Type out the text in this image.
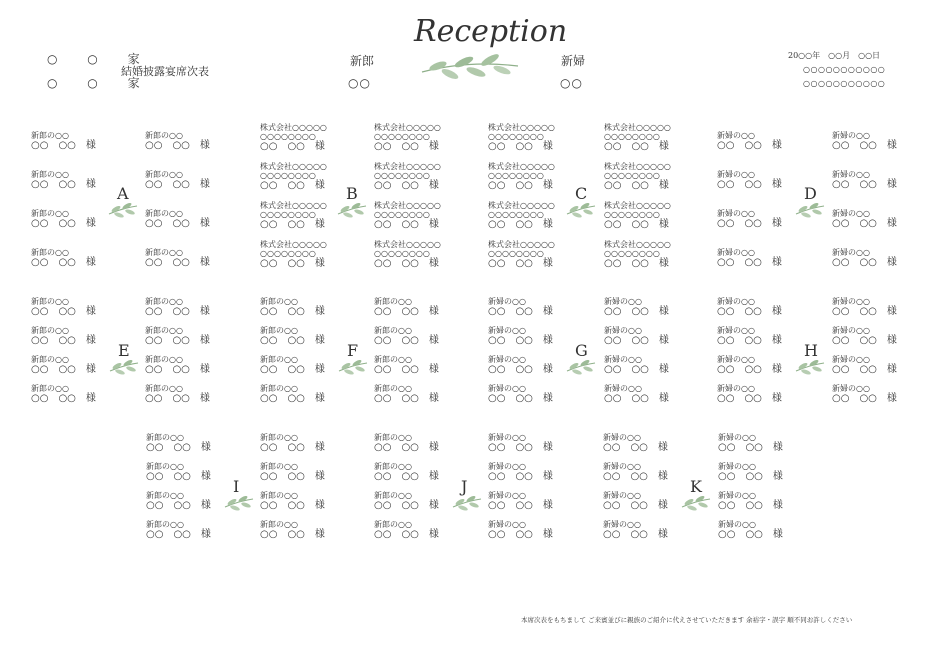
○ ○ 家
○ ○ 家
結婚披露宴席次表
新郎
○○
Reception
新婦
○○
20○○年　○○月　○○日
○○○○○○○○○○○
○○○○○○○○○○○
新郎の○○
○○　○○　様
新郎の○○
○○　○○　様
新郎の○○
○○　○○　様
新郎の○○
○○　○○　様
新郎の○○
○○　○○　様
新郎の○○
○○　○○　様
新郎の○○
○○　○○　様
新郎の○○
○○　○○　様
A
株式会社○○○○○
○○○○○○○○
○○　○○　様
株式会社○○○○○
○○○○○○○○
○○　○○　様
株式会社○○○○○
○○○○○○○○
○○　○○　様
株式会社○○○○○
○○○○○○○○
○○　○○　様
株式会社○○○○○
○○○○○○○○
○○　○○　様
株式会社○○○○○
○○○○○○○○
○○　○○　様
株式会社○○○○○
○○○○○○○○
○○　○○　様
株式会社○○○○○
○○○○○○○○
○○　○○　様
B
株式会社○○○○○
○○○○○○○○
○○　○○　様
株式会社○○○○○
○○○○○○○○
○○　○○　様
株式会社○○○○○
○○○○○○○○
○○　○○　様
株式会社○○○○○
○○○○○○○○
○○　○○　様
株式会社○○○○○
○○○○○○○○
○○　○○　様
株式会社○○○○○
○○○○○○○○
○○　○○　様
株式会社○○○○○
○○○○○○○○
○○　○○　様
株式会社○○○○○
○○○○○○○○
○○　○○　様
C
新婦の○○
○○　○○　様
新婦の○○
○○　○○　様
新婦の○○
○○　○○　様
新婦の○○
○○　○○　様
新婦の○○
○○　○○　様
新婦の○○
○○　○○　様
新婦の○○
○○　○○　様
新婦の○○
○○　○○　様
D
新郎の○○
○○　○○　様
新郎の○○
○○　○○　様
新郎の○○
○○　○○　様
新郎の○○
○○　○○　様
新郎の○○
○○　○○　様
新郎の○○
○○　○○　様
新郎の○○
○○　○○　様
新郎の○○
○○　○○　様
E
新郎の○○
○○　○○　様
新郎の○○
○○　○○　様
新郎の○○
○○　○○　様
新郎の○○
○○　○○　様
新郎の○○
○○　○○　様
新郎の○○
○○　○○　様
新郎の○○
○○　○○　様
新郎の○○
○○　○○　様
F
新婦の○○
○○　○○　様
新婦の○○
○○　○○　様
新婦の○○
○○　○○　様
新婦の○○
○○　○○　様
新婦の○○
○○　○○　様
新婦の○○
○○　○○　様
新婦の○○
○○　○○　様
新婦の○○
○○　○○　様
G
新婦の○○
○○　○○　様
新婦の○○
○○　○○　様
新婦の○○
○○　○○　様
新婦の○○
○○　○○　様
新婦の○○
○○　○○　様
新婦の○○
○○　○○　様
新婦の○○
○○　○○　様
新婦の○○
○○　○○　様
H
新郎の○○
○○　○○　様
新郎の○○
○○　○○　様
新郎の○○
○○　○○　様
新郎の○○
○○　○○　様
新郎の○○
○○　○○　様
新郎の○○
○○　○○　様
新郎の○○
○○　○○　様
新郎の○○
○○　○○　様
I
新郎の○○
○○　○○　様
新郎の○○
○○　○○　様
新郎の○○
○○　○○　様
新郎の○○
○○　○○　様
新婦の○○
○○　○○　様
新婦の○○
○○　○○　様
新婦の○○
○○　○○　様
新婦の○○
○○　○○　様
J
新婦の○○
○○　○○　様
新婦の○○
○○　○○　様
新婦の○○
○○　○○　様
新婦の○○
○○　○○　様
新婦の○○
○○　○○　様
新婦の○○
○○　○○　様
新婦の○○
○○　○○　様
新婦の○○
○○　○○　様
K
本席次表をもちまして ご来賓並びに親族のご紹介に代えさせていただきます 余裕字・誤字 順不同お許しください
